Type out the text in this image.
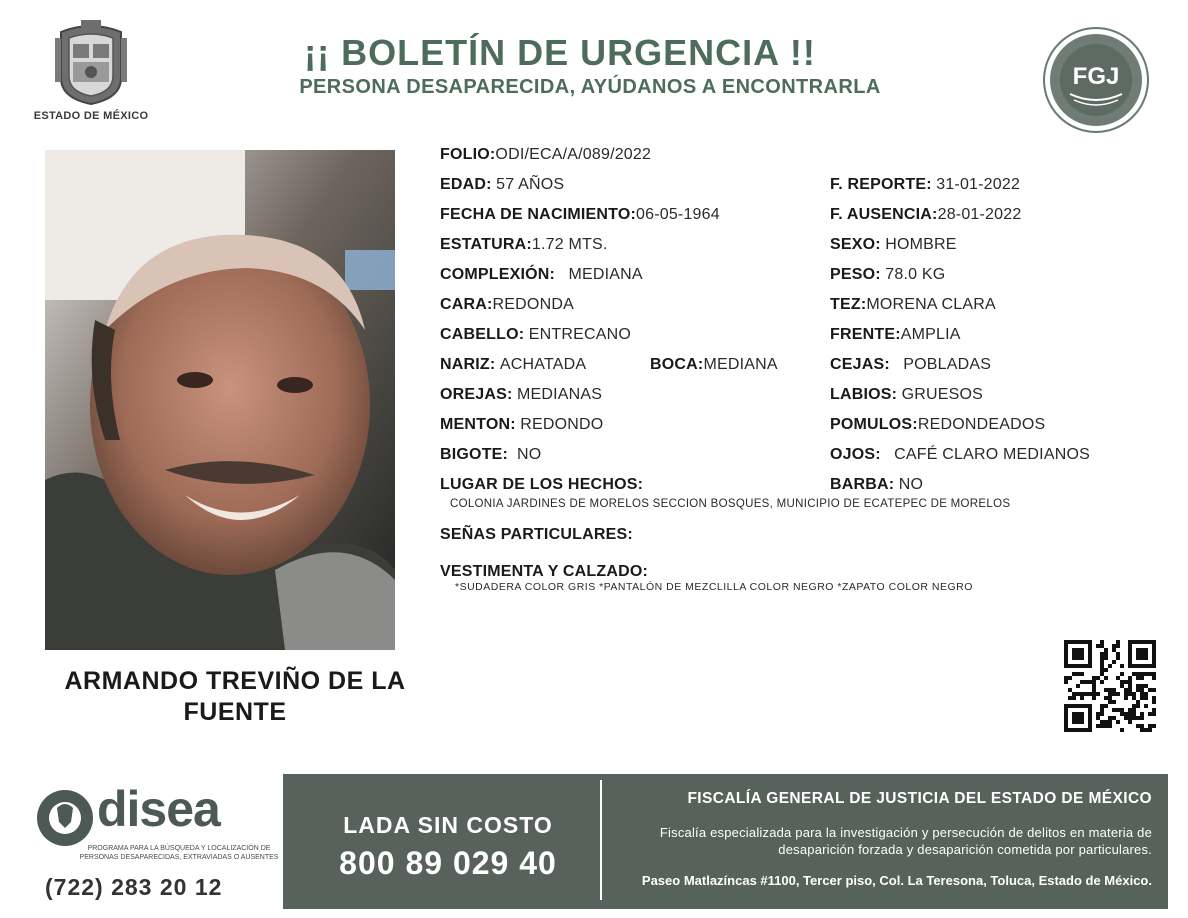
ESTADO DE MÉXICO
¡¡ BOLETÍN DE URGENCIA !!
PERSONA DESAPARECIDA, AYÚDANOS A ENCONTRARLA	FGJ
ARMANDO TREVIÑO DE LA FUENTE
FOLIO:ODI/ECA/A/089/2022
EDAD: 57 AÑOS	F. REPORTE: 31-01-2022
FECHA DE NACIMIENTO:06-05-1964	F. AUSENCIA:28-01-2022
ESTATURA:1.72 MTS.	SEXO: HOMBRE
COMPLEXIÓN: MEDIANA	PESO: 78.0 KG
CARA:REDONDA	TEZ:MORENA CLARA
CABELLO: ENTRECANO	FRENTE:AMPLIA
NARIZ: ACHATADA	BOCA:MEDIANA	CEJAS: POBLADAS
OREJAS: MEDIANAS	LABIOS: GRUESOS
MENTON: REDONDO	POMULOS:REDONDEADOS
BIGOTE: NO	OJOS: CAFÉ CLARO MEDIANOS
LUGAR DE LOS HECHOS:	BARBA: NO
COLONIA JARDINES DE MORELOS SECCION BOSQUES, MUNICIPIO DE ECATEPEC DE MORELOS
SEÑAS PARTICULARES:
VESTIMENTA Y CALZADO:
*SUDADERA COLOR GRIS *PANTALÓN DE MEZCLILLA COLOR NEGRO *ZAPATO COLOR NEGRO
disea
PROGRAMA PARA LA BÚSQUEDA Y LOCALIZACIÓN DE PERSONAS DESAPARECIDAS, EXTRAVIADAS O AUSENTES
(722) 283 20 12
LADA SIN COSTO
800 89 029 40
FISCALÍA GENERAL DE JUSTICIA DEL ESTADO DE MÉXICO
Fiscalía especializada para la investigación y persecución de delitos en materia de desaparición forzada y desaparición cometida por particulares.
Paseo Matlazíncas #1100, Tercer piso, Col. La Teresona, Toluca, Estado de México.
